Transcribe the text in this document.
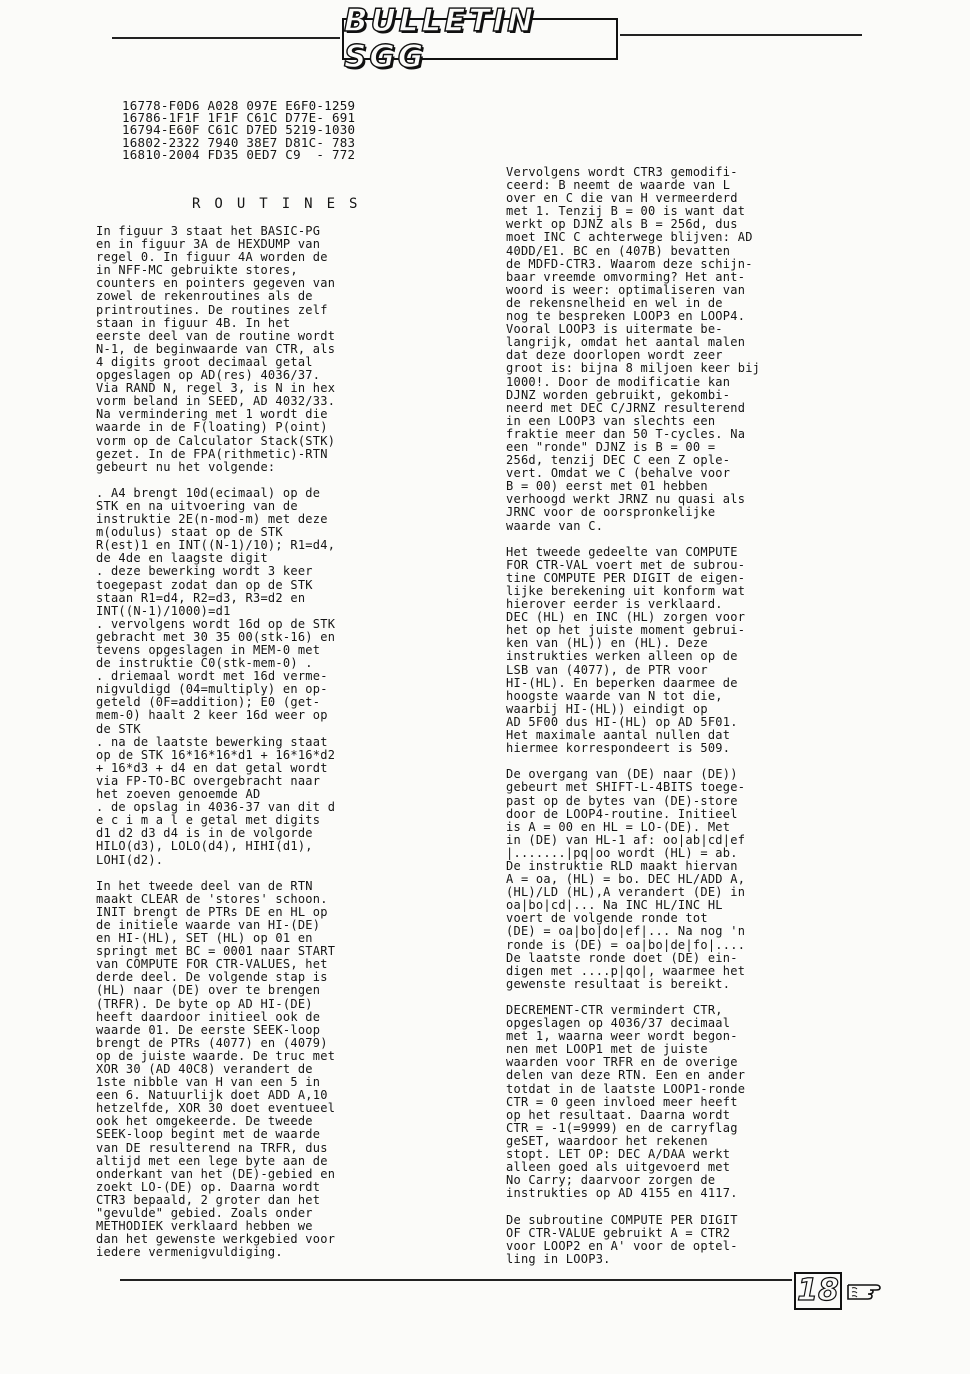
BULLETIN SGG
16778-F0D6 A028 097E E6F0-1259
16786-1F1F 1F1F C61C D77E- 691
16794-E60F C61C D7ED 5219-1030
16802-2322 7940 38E7 D81C- 783
16810-2004 FD35 0ED7 C9  - 772
ROUTINES
In figuur 3 staat het BASIC-PG
en in figuur 3A de HEXDUMP van
regel 0. In figuur 4A worden de
in NFF-MC gebruikte stores,
counters en pointers gegeven van
zowel de rekenroutines als de
printroutines. De routines zelf
staan in figuur 4B. In het
eerste deel van de routine wordt
N-1, de beginwaarde van CTR, als
4 digits groot decimaal getal
opgeslagen op AD(res) 4036/37.
Via RAND N, regel 3, is N in hex
vorm beland in SEED, AD 4032/33.
Na vermindering met 1 wordt die
waarde in de F(loating) P(oint)
vorm op de Calculator Stack(STK)
gezet. In de FPA(rithmetic)-RTN
gebeurt nu het volgende:

. A4 brengt 10d(ecimaal) op de
STK en na uitvoering van de
instruktie 2E(n-mod-m) met deze
m(odulus) staat op de STK
R(est)1 en INT((N-1)/10); R1=d4,
de 4de en laagste digit
. deze bewerking wordt 3 keer
toegepast zodat dan op de STK
staan R1=d4, R2=d3, R3=d2 en
INT((N-1)/1000)=d1
. vervolgens wordt 16d op de STK
gebracht met 30 35 00(stk-16) en
tevens opgeslagen in MEM-0 met
de instruktie C0(stk-mem-0) .
. driemaal wordt met 16d verme-
nigvuldigd (04=multiply) en op-
geteld (0F=addition); E0 (get-
mem-0) haalt 2 keer 16d weer op
de STK
. na de laatste bewerking staat
op de STK 16*16*16*d1 + 16*16*d2
+ 16*d3 + d4 en dat getal wordt
via FP-TO-BC overgebracht naar
het zoeven genoemde AD
. de opslag in 4036-37 van dit d
e c i m a l e getal met digits
d1 d2 d3 d4 is in de volgorde
HILO(d3), LOLO(d4), HIHI(d1),
LOHI(d2).

In het tweede deel van de RTN
maakt CLEAR de 'stores' schoon.
INIT brengt de PTRs DE en HL op
de initiele waarde van HI-(DE)
en HI-(HL), SET (HL) op 01 en
springt met BC = 0001 naar START
van COMPUTE FOR CTR-VALUES, het
derde deel. De volgende stap is
(HL) naar (DE) over te brengen
(TRFR). De byte op AD HI-(DE)
heeft daardoor initieel ook de
waarde 01. De eerste SEEK-loop
brengt de PTRs (4077) en (4079)
op de juiste waarde. De truc met
XOR 30 (AD 40C8) verandert de
1ste nibble van H van een 5 in
een 6. Natuurlijk doet ADD A,10
hetzelfde, XOR 30 doet eventueel
ook het omgekeerde. De tweede
SEEK-loop begint met de waarde
van DE resulterend na TRFR, dus
altijd met een lege byte aan de
onderkant van het (DE)-gebied en
zoekt LO-(DE) op. Daarna wordt
CTR3 bepaald, 2 groter dan het
"gevulde" gebied. Zoals onder
METHODIEK verklaard hebben we
dan het gewenste werkgebied voor
iedere vermenigvuldiging.
Vervolgens wordt CTR3 gemodifi-
ceerd: B neemt de waarde van L
over en C die van H vermeerderd
met 1. Tenzij B = 00 is want dat
werkt op DJNZ als B = 256d, dus
moet INC C achterwege blijven: AD
40DD/E1. BC en (407B) bevatten
de MDFD-CTR3. Waarom deze schijn-
baar vreemde omvorming? Het ant-
woord is weer: optimaliseren van
de rekensnelheid en wel in de
nog te bespreken LOOP3 en LOOP4.
Vooral LOOP3 is uitermate be-
langrijk, omdat het aantal malen
dat deze doorlopen wordt zeer
groot is: bijna 8 miljoen keer bij
1000!. Door de modificatie kan
DJNZ worden gebruikt, gekombi-
neerd met DEC C/JRNZ resulterend
in een LOOP3 van slechts een
fraktie meer dan 50 T-cycles. Na
een "ronde" DJNZ is B = 00 =
256d, tenzij DEC C een Z ople-
vert. Omdat we C (behalve voor
B = 00) eerst met 01 hebben
verhoogd werkt JRNZ nu quasi als
JRNC voor de oorspronkelijke
waarde van C.

Het tweede gedeelte van COMPUTE
FOR CTR-VAL voert met de subrou-
tine COMPUTE PER DIGIT de eigen-
lijke berekening uit konform wat
hierover eerder is verklaard.
DEC (HL) en INC (HL) zorgen voor
het op het juiste moment gebrui-
ken van (HL)) en (HL). Deze
instrukties werken alleen op de
LSB van (4077), de PTR voor
HI-(HL). En beperken daarmee de
hoogste waarde van N tot die,
waarbij HI-(HL)) eindigt op
AD 5F00 dus HI-(HL) op AD 5F01.
Het maximale aantal nullen dat
hiermee korrespondeert is 509.

De overgang van (DE) naar (DE))
gebeurt met SHIFT-L-4BITS toege-
past op de bytes van (DE)-store
door de LOOP4-routine. Initieel
is A = 00 en HL = LO-(DE). Met
in (DE) van HL-1 af: oo|ab|cd|ef
|.......|pq|oo wordt (HL) = ab.
De instruktie RLD maakt hiervan
A = oa, (HL) = bo. DEC HL/ADD A,
(HL)/LD (HL),A verandert (DE) in
oa|bo|cd|... Na INC HL/INC HL
voert de volgende ronde tot
(DE) = oa|bo|do|ef|... Na nog 'n
ronde is (DE) = oa|bo|de|fo|....
De laatste ronde doet (DE) ein-
digen met ....p|qo|, waarmee het
gewenste resultaat is bereikt.

DECREMENT-CTR vermindert CTR,
opgeslagen op 4036/37 decimaal
met 1, waarna weer wordt begon-
nen met LOOP1 met de juiste
waarden voor TRFR en de overige
delen van deze RTN. Een en ander
totdat in de laatste LOOP1-ronde
CTR = 0 geen invloed meer heeft
op het resultaat. Daarna wordt
CTR = -1(=9999) en de carryflag
geSET, waardoor het rekenen
stopt. LET OP: DEC A/DAA werkt
alleen goed als uitgevoerd met
No Carry; daarvoor zorgen de
instrukties op AD 4155 en 4117.

De subroutine COMPUTE PER DIGIT
OF CTR-VALUE gebruikt A = CTR2
voor LOOP2 en A' voor de optel-
ling in LOOP3.
18
